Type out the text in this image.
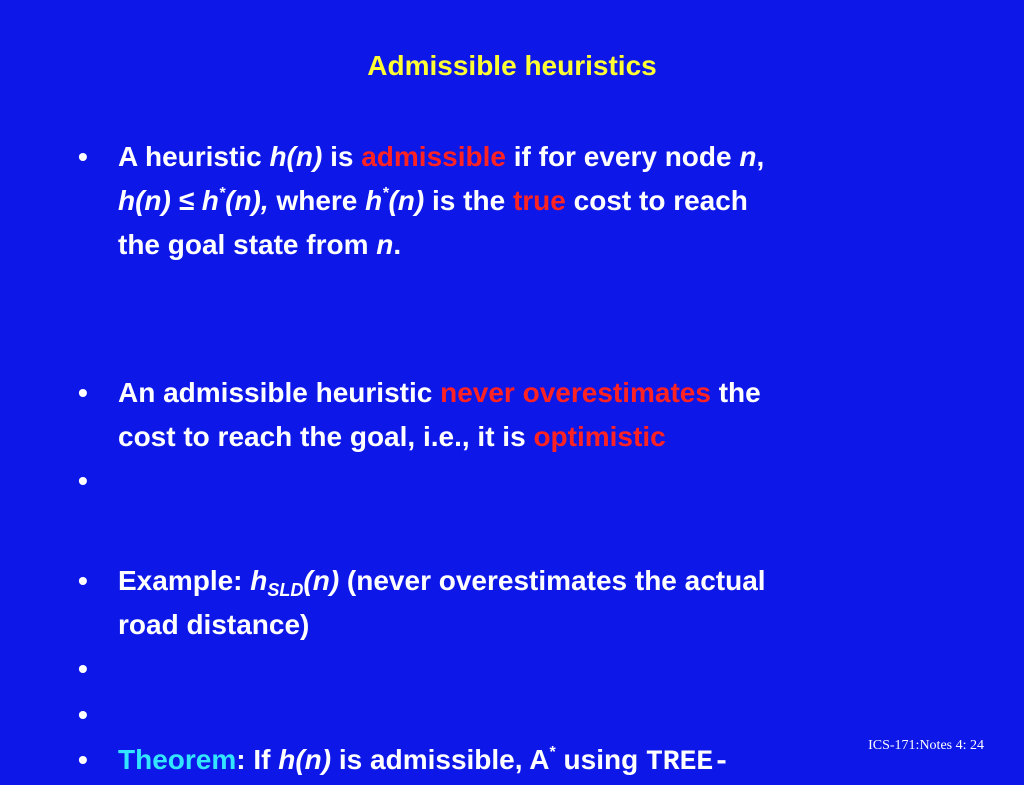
Admissible heuristics
• A heuristic h(n) is admissible if for every node n,
h(n) ≤ h*(n), where h*(n) is the true cost to reach
the goal state from n.
• An admissible heuristic never overestimates the
cost to reach the goal, i.e., it is optimistic
•
• Example: $h_{SLD}(n)$ (never overestimates the actual
road distance)
•
•
• Theorem: If h(n) is admissible, A* using TREE-
ICS-171:Notes 4: 24
